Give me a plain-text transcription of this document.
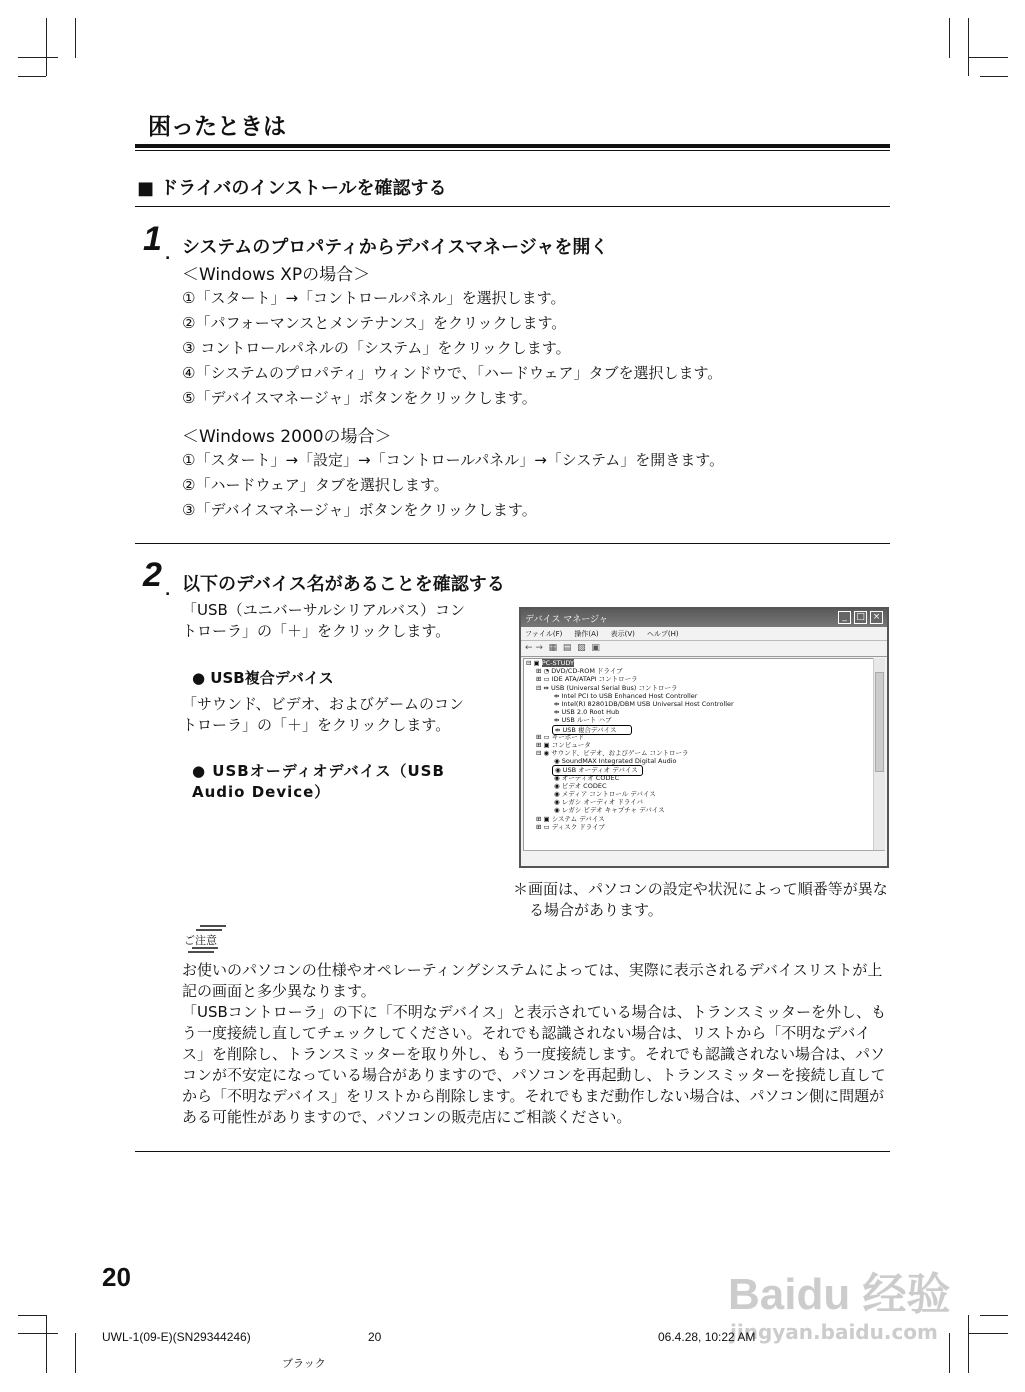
困ったときは
■ ドライバのインストールを確認する
1 . システムのプロパティからデバイスマネージャを開く
＜Windows XPの場合＞
①「スタート」→「コントロールパネル」を選択します。
②「パフォーマンスとメンテナンス」をクリックします。
③ コントロールパネルの「システム」をクリックします。
④「システムのプロパティ」ウィンドウで、「ハードウェア」タブを選択します。
⑤「デバイスマネージャ」ボタンをクリックします。
＜Windows 2000の場合＞
①「スタート」→「設定」→「コントロールパネル」→「システム」を開きます。
②「ハードウェア」タブを選択します。
③「デバイスマネージャ」ボタンをクリックします。
2 . 以下のデバイス名があることを確認する
「USB（ユニバーサルシリアルバス）コントローラ」の「＋」をクリックします。
● USB複合デバイス
「サウンド、ビデオ、およびゲームのコントローラ」の「＋」をクリックします。
● USBオーディオデバイス（USB Audio Device）
デバイス マネージャ	_	□ ×
ファイル(F) 操作(A) 表示(V) ヘルプ(H)
← →  ▦  ▤  ▨  ▣
⊟ ▣ PC-STUDY
⊞ ◔ DVD/CD-ROM ドライブ
⊞ ▭ IDE ATA/ATAPI コントローラ
⊟ ⇹ USB (Universal Serial Bus) コントローラ
⇹ Intel PCI to USB Enhanced Host Controller
⇹ Intel(R) 82801DB/DBM USB Universal Host Controller
⇹ USB 2.0 Root Hub
⇹ USB ルート ハブ
⇹ USB 複合デバイス
⊞ ▭ キーボード
⊞ ▣ コンピュータ
⊟ ◉ サウンド、ビデオ、およびゲーム コントローラ
◉ SoundMAX Integrated Digital Audio
◉ USB オーディオ デバイス
◉ オーディオ CODEC
◉ ビデオ CODEC
◉ メディア コントロール デバイス
◉ レガシ オーディオ ドライバ
◉ レガシ ビデオ キャプチャ デバイス
⊞ ▣ システム デバイス
⊞ ▭ ディスク ドライブ
＊画面は、パソコンの設定や状況によって順番等が異なる場合があります。
ご注意
お使いのパソコンの仕様やオペレーティングシステムによっては、実際に表示されるデバイスリストが上記の画面と多少異なります。
「USBコントローラ」の下に「不明なデバイス」と表示されている場合は、トランスミッターを外し、もう一度接続し直してチェックしてください。それでも認識されない場合は、リストから「不明なデバイス」を削除し、トランスミッターを取り外し、もう一度接続します。それでも認識されない場合は、パソコンが不安定になっている場合がありますので、パソコンを再起動し、トランスミッターを接続し直してから「不明なデバイス」をリストから削除します。それでもまだ動作しない場合は、パソコン側に問題がある可能性がありますので、パソコンの販売店にご相談ください。
20	Baidu 经验
jingyan.baidu.com
UWL-1(09-E)(SN29344246)	20	06.4.28, 10:22 AM
ブラック
